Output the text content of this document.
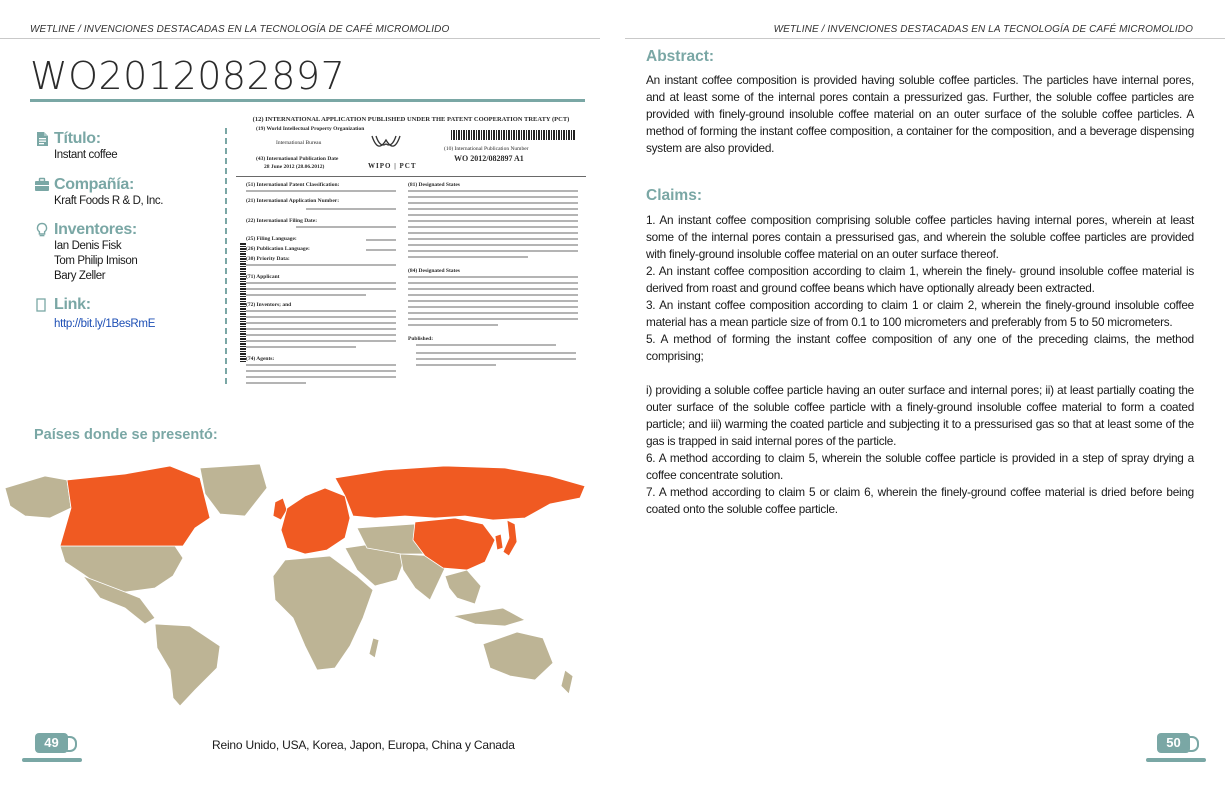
WETLINE / INVENCIONES DESTACADAS EN LA TECNOLOGÍA DE CAFÉ MICROMOLIDO	WETLINE / INVENCIONES DESTACADAS EN LA TECNOLOGÍA DE CAFÉ MICROMOLIDO
WO2012082897
Título:
Instant coffee
Compañía:
Kraft Foods R & D, Inc.
Inventores:
Ian Denis Fisk
Tom Philip Imison
Bary Zeller
Link:
http://bit.ly/1BesRmE
(12) INTERNATIONAL APPLICATION PUBLISHED UNDER THE PATENT COOPERATION TREATY (PCT)
(19) World Intellectual Property Organization
International Bureau
(43) International Publication Date
28 June 2012 (28.06.2012)	WIPO | PCT
(10) International Publication Number
WO 2012/082897 A1
(51) International Patent Classification:
(21) International Application Number:
(22) International Filing Date:
(25) Filing Language:
(26) Publication Language:
(30) Priority Data:
(71) Applicant
(72) Inventors; and
(74) Agents:
(81) Designated States
(84) Designated States
Published:
Países donde se presentó:
49	Reino Unido, USA, Korea, Japon, Europa, China y Canada	50
Abstract:

An instant coffee composition is provided having soluble coffee particles. The particles have internal pores, and at least some of the internal pores contain a pressurized gas. Further, the soluble coffee particles are provided with finely-ground insoluble coffee material on an outer surface of the soluble coffee particles. A method of forming the instant coffee composition, a container for the composition, and a beverage dispensing system are also provided.

Claims:

1. An instant coffee composition comprising soluble coffee particles having internal pores, wherein at least some of the internal pores contain a pressurised gas, and wherein the soluble coffee particles are provided with finely-ground insoluble coffee material on an outer surface thereof.

2. An instant coffee composition according to claim 1, wherein the finely- ground insoluble coffee material is derived from roast and ground coffee beans which have optionally already been extracted.

3. An instant coffee composition according to claim 1 or claim 2, wherein the finely-ground insoluble coffee material has a mean particle size of from 0.1 to 100 micrometers and preferably from 5 to 50 micrometers.

5. A method of forming the instant coffee composition of any one of the preceding claims, the method comprising;

i) providing a soluble coffee particle having an outer surface and internal pores; ii) at least partially coating the outer surface of the soluble coffee particle with a finely-ground insoluble coffee material to form a coated particle; and iii) warming the coated particle and subjecting it to a pressurised gas so that at least some of the gas is trapped in said internal pores of the particle.

6. A method according to claim 5, wherein the soluble coffee particle is provided in a step of spray drying a coffee concentrate solution.

7. A method according to claim 5 or claim 6, wherein the finely-ground coffee material is dried before being coated onto the soluble coffee particle.
